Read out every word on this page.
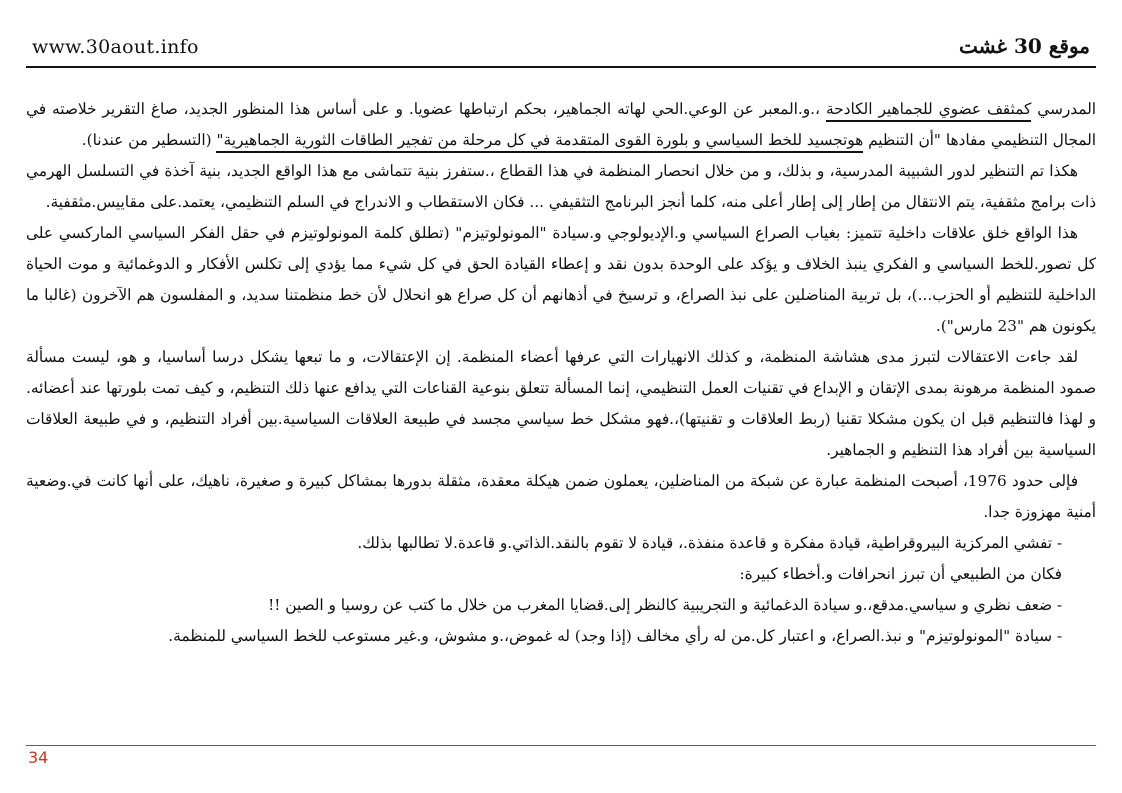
www.30aout.info	موقع 30 غشت

المدرسي كمثقف عضوي للجماهير الكادحة ،.و.المعبر عن الوعي.الحي لهاته الجماهير، بحكم ارتباطها عضويا. و على أساس هذا المنظور الجديد، صاغ التقرير خلاصته في المجال التنظيمي مفادها "أن التنظيم هوتجسيد للخط السياسي و بلورة القوى المتقدمة في كل مرحلة من تفجير الطاقات الثورية الجماهيرية" (التسطير من عندنا).

هكذا تم التنظير لدور الشبيبة المدرسية، و بذلك، و من خلال انحصار المنظمة في هذا القطاع ،.ستفرز بنية تتماشى مع هذا الواقع الجديد، بنية آخذة في التسلسل الهرمي ذات برامج مثقفية، يتم الانتقال من إطار إلى إطار أعلى منه، كلما أنجز البرنامج التثقيفي ... فكان الاستقطاب و الاندراج في السلم التنظيمي، يعتمد.على مقاييس.مثقفية.

هذا الواقع خلق علاقات داخلية تتميز: بغياب الصراع السياسي و.الإديولوجي و.سيادة "المونولوتيزم" (تطلق كلمة المونولوتيزم في حقل الفكر السياسي الماركسي على كل تصور.للخط السياسي و الفكري ينبذ الخلاف و يؤكد على الوحدة بدون نقد و إعطاء القيادة الحق في كل شيء مما يؤدي إلى تكلس الأفكار و الدوغمائية و موت الحياة الداخلية للتنظيم أو الحزب...)، بل تربية المناضلين على نبذ الصراع، و ترسيخ في أذهانهم أن كل صراع هو انحلال لأن خط منظمتنا سديد، و المفلسون هم الآخرون (غالبا ما يكونون هم "23 مارس").

لقد جاءت الاعتقالات لتبرز مدى هشاشة المنظمة، و كذلك الانهيارات التي عرفها أعضاء المنظمة. إن الإعتقالات، و ما تبعها يشكل درسا أساسيا، و هو، ليست مسألة صمود المنظمة مرهونة بمدى الإتقان و الإبداع في تقنيات العمل التنظيمي، إنما المسألة تتعلق بنوعية القناعات التي يدافع عنها ذلك التنظيم، و كيف تمت بلورتها عند أعضائه. و لهذا فالتنظيم قبل ان يكون مشكلا تقنيا (ربط العلاقات و تقنيتها)،.فهو مشكل خط سياسي مجسد في طبيعة العلاقات السياسية.بين أفراد التنظيم، و في طبيعة العلاقات السياسية بين أفراد هذا التنظيم و الجماهير.

فإلى حدود 1976، أصبحت المنظمة عبارة عن شبكة من المناضلين، يعملون ضمن هيكلة معقدة، مثقلة بدورها بمشاكل كبيرة و صغيرة، ناهيك، على أنها كانت في.وضعية أمنية مهزوزة جدا.

- تفشي المركزية البيروقراطية، قيادة مفكرة و قاعدة منفذة.، قيادة لا تقوم بالنقد.الذاتي.و قاعدة.لا تطالبها بذلك.

فكان من الطبيعي أن تبرز انحرافات و.أخطاء كبيرة:

- ضعف نظري و سياسي.مدقع،.و سيادة الدغمائية و التجريبية كالنظر إلى.قضايا المغرب من خلال ما كتب عن روسيا و الصين !!

- سيادة "المونولوتيزم" و نبذ.الصراع، و اعتبار كل.من له رأي مخالف (إذا وجد) له غموض،.و مشوش، و.غير مستوعب للخط السياسي للمنظمة.

34
